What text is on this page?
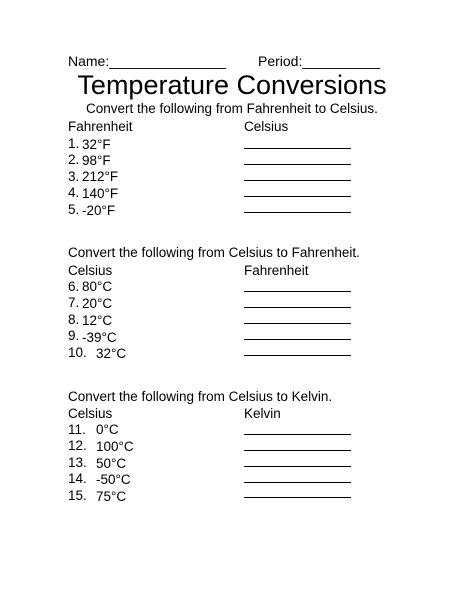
Name:_______________ Period:__________
Temperature Conversions
Convert the following from Fahrenheit to Celsius.
Fahrenheit	Celsius
1. 32°F
2. 98°F
3. 212°F
4. 140°F
5. -20°F
Convert the following from Celsius to Fahrenheit.
Celsius	Fahrenheit
6. 80°C
7. 20°C
8. 12°C
9. -39°C
10. 32°C
Convert the following from Celsius to Kelvin.
Celsius	Kelvin
11. 0°C
12. 100°C
13. 50°C
14. -50°C
15. 75°C
